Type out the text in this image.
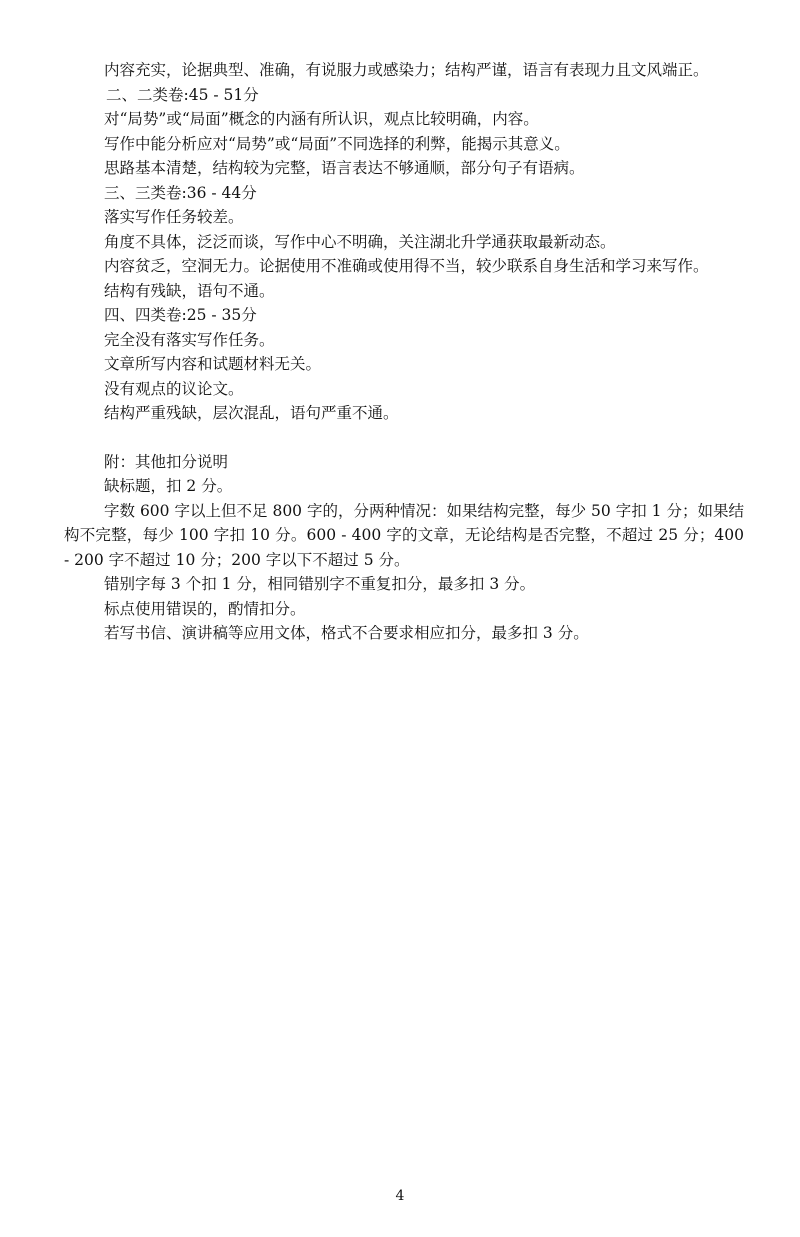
内容充实，论据典型、准确，有说服力或感染力；结构严谨，语言有表现力且文风端正。

二、二类卷:45 - 51分

对“局势”或“局面”概念的内涵有所认识，观点比较明确，内容。

写作中能分析应对“局势”或“局面”不同选择的利弊，能揭示其意义。

思路基本清楚，结构较为完整，语言表达不够通顺，部分句子有语病。

三、三类卷:36 - 44分

落实写作任务较差。

角度不具体，泛泛而谈，写作中心不明确，关注湖北升学通获取最新动态。

内容贫乏，空洞无力。论据使用不准确或使用得不当，较少联系自身生活和学习来写作。

结构有残缺，语句不通。

四、四类卷:25 - 35分

完全没有落实写作任务。

文章所写内容和试题材料无关。

没有观点的议论文。

结构严重残缺，层次混乱，语句严重不通。

附：其他扣分说明

缺标题，扣 2 分。

字数 600 字以上但不足 800 字的，分两种情况：如果结构完整，每少 50 字扣 1 分；如果结构不完整，每少 100 字扣 10 分。600 - 400 字的文章，无论结构是否完整，不超过 25 分；400 - 200 字不超过 10 分；200 字以下不超过 5 分。

错别字每 3 个扣 1 分，相同错别字不重复扣分，最多扣 3 分。

标点使用错误的，酌情扣分。

若写书信、演讲稿等应用文体，格式不合要求相应扣分，最多扣 3 分。

4
